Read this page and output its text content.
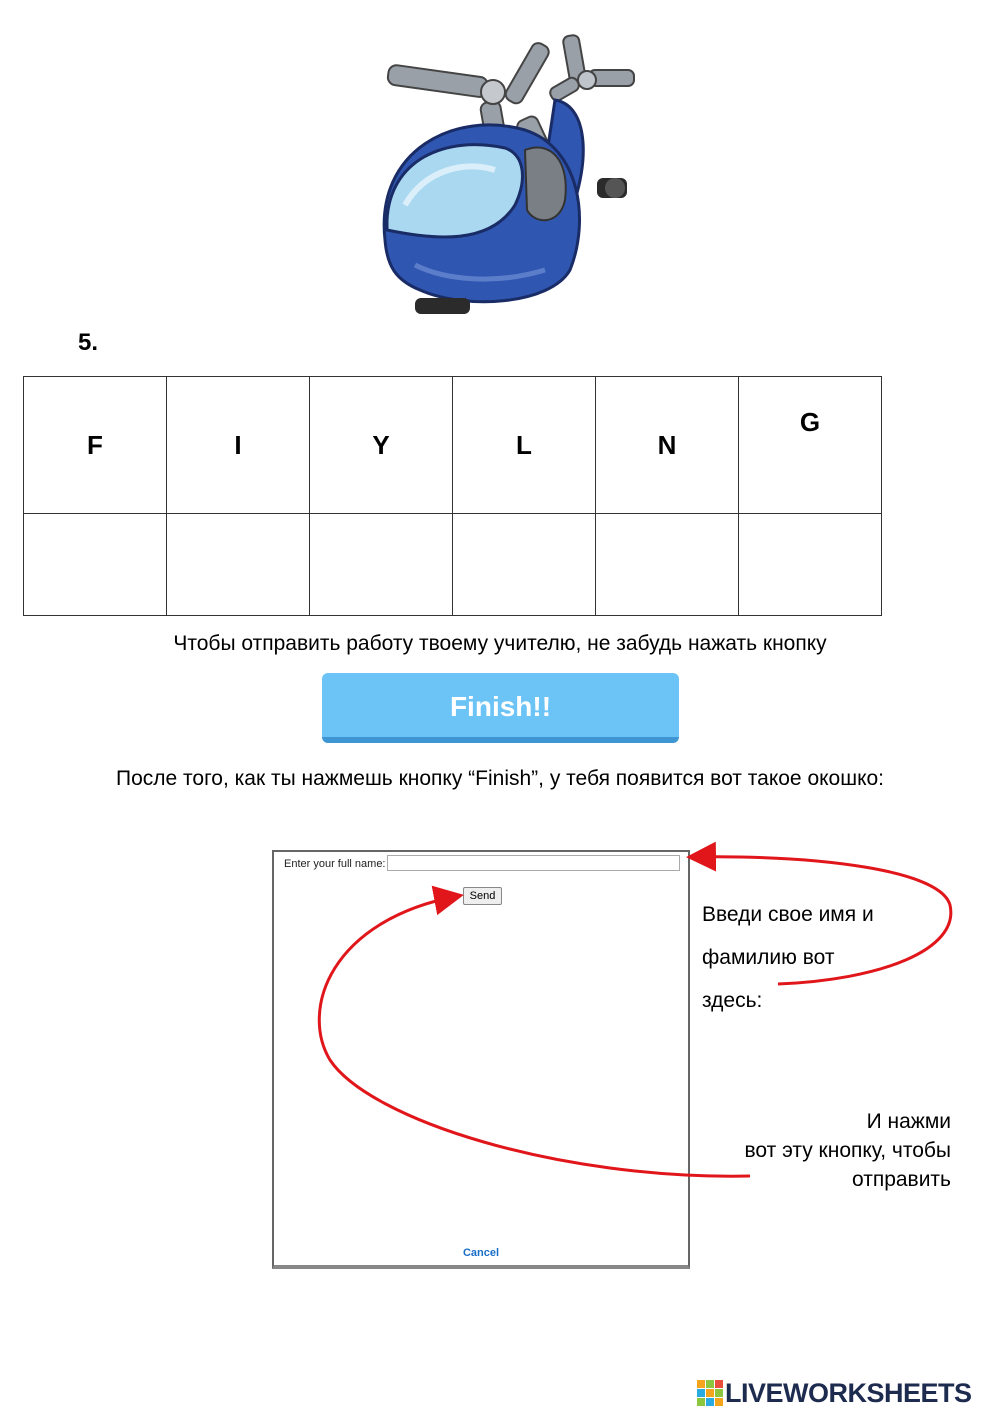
5.
F	I	Y	L	N	G

Чтобы отправить работу твоему учителю, не забудь нажать кнопку
Finish!!
После того, как ты нажмешь кнопку “Finish”, у тебя появится вот такое окошко:
Enter your full name:
Send
Cancel
Введи свое имя и
фамилию вот
здесь:
И нажми
вот эту кнопку, чтобы
отправить
LIVEWORKSHEETS
